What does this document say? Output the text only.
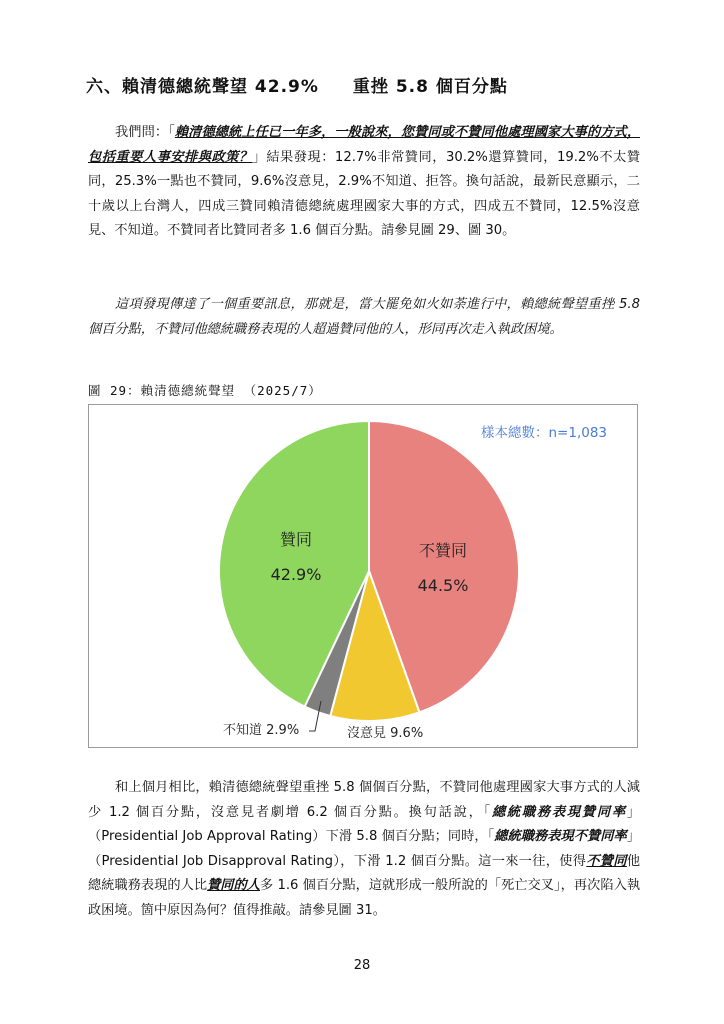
六、賴清德總統聲望 42.9% 重挫 5.8 個百分點

我們問：「賴清德總統上任已一年多，一般說來，您贊同或不贊同他處理國家大事的方式，包括重要人事安排與政策？」結果發現：12.7%非常贊同，30.2%還算贊同，19.2%不太贊同，25.3%一點也不贊同，9.6%沒意見，2.9%不知道、拒答。換句話說，最新民意顯示，二十歲以上台灣人，四成三贊同賴清德總統處理國家大事的方式，四成五不贊同，12.5%沒意見、不知道。不贊同者比贊同者多 1.6 個百分點。請參見圖 29、圖 30。

這項發現傳達了一個重要訊息，那就是，當大罷免如火如荼進行中，賴總統聲望重挫 5.8 個百分點，不贊同他總統職務表現的人超過贊同他的人，形同再次走入執政困境。

圖 29：賴清德總統聲望 （2025/7）
樣本總數：n=1,083
不贊同
44.5%
贊同
42.9%
沒意見 9.6%
不知道 2.9%

和上個月相比，賴清德總統聲望重挫 5.8 個個百分點，不贊同他處理國家大事方式的人減少 1.2 個百分點，沒意見者劇增 6.2 個百分點。換句話說，「總統職務表現贊同率」（Presidential Job Approval Rating）下滑 5.8 個百分點；同時，「總統職務表現不贊同率」（Presidential Job Disapproval Rating），下滑 1.2 個百分點。這一來一往，使得不贊同他總統職務表現的人比贊同的人多 1.6 個百分點，這就形成一般所說的「死亡交叉」，再次陷入執政困境。箇中原因為何？值得推敲。請參見圖 31。

28
